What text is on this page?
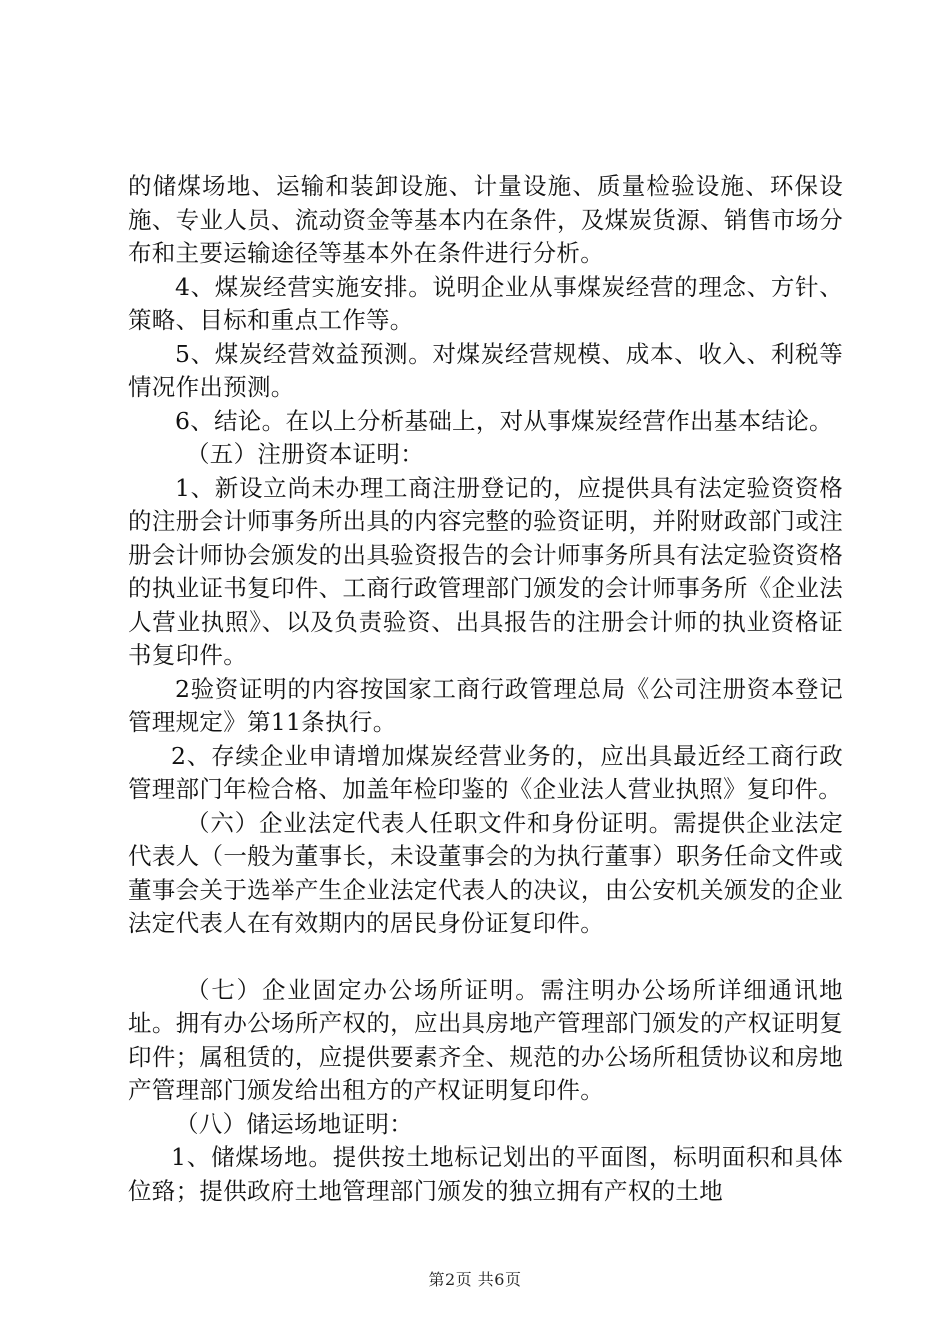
的储煤场地、运输和装卸设施、计量设施、质量检验设施、环保设施、专业人员、流动资金等基本内在条件，及煤炭货源、销售市场分布和主要运输途径等基本外在条件进行分析。

4、煤炭经营实施安排。说明企业从事煤炭经营的理念、方针、策略、目标和重点工作等。

5、煤炭经营效益预测。对煤炭经营规模、成本、收入、利税等情况作出预测。

6、结论。在以上分析基础上，对从事煤炭经营作出基本结论。

（五）注册资本证明：

1、新设立尚未办理工商注册登记的，应提供具有法定验资资格的注册会计师事务所出具的内容完整的验资证明，并附财政部门或注册会计师协会颁发的出具验资报告的会计师事务所具有法定验资资格的执业证书复印件、工商行政管理部门颁发的会计师事务所《企业法人营业执照》、以及负责验资、出具报告的注册会计师的执业资格证书复印件。

2验资证明的内容按国家工商行政管理总局《公司注册资本登记管理规定》第11条执行。

2、存续企业申请增加煤炭经营业务的，应出具最近经工商行政管理部门年检合格、加盖年检印鉴的《企业法人营业执照》复印件。

（六）企业法定代表人任职文件和身份证明。需提供企业法定代表人（一般为董事长，未设董事会的为执行董事）职务任命文件或董事会关于选举产生企业法定代表人的决议，由公安机关颁发的企业法定代表人在有效期内的居民身份证复印件。

（七）企业固定办公场所证明。需注明办公场所详细通讯地址。拥有办公场所产权的，应出具房地产管理部门颁发的产权证明复印件；属租赁的，应提供要素齐全、规范的办公场所租赁协议和房地产管理部门颁发给出租方的产权证明复印件。

（八）储运场地证明：

1、储煤场地。提供按土地标记划出的平面图，标明面积和具体位臵；提供政府土地管理部门颁发的独立拥有产权的土地

第2页 共6页
